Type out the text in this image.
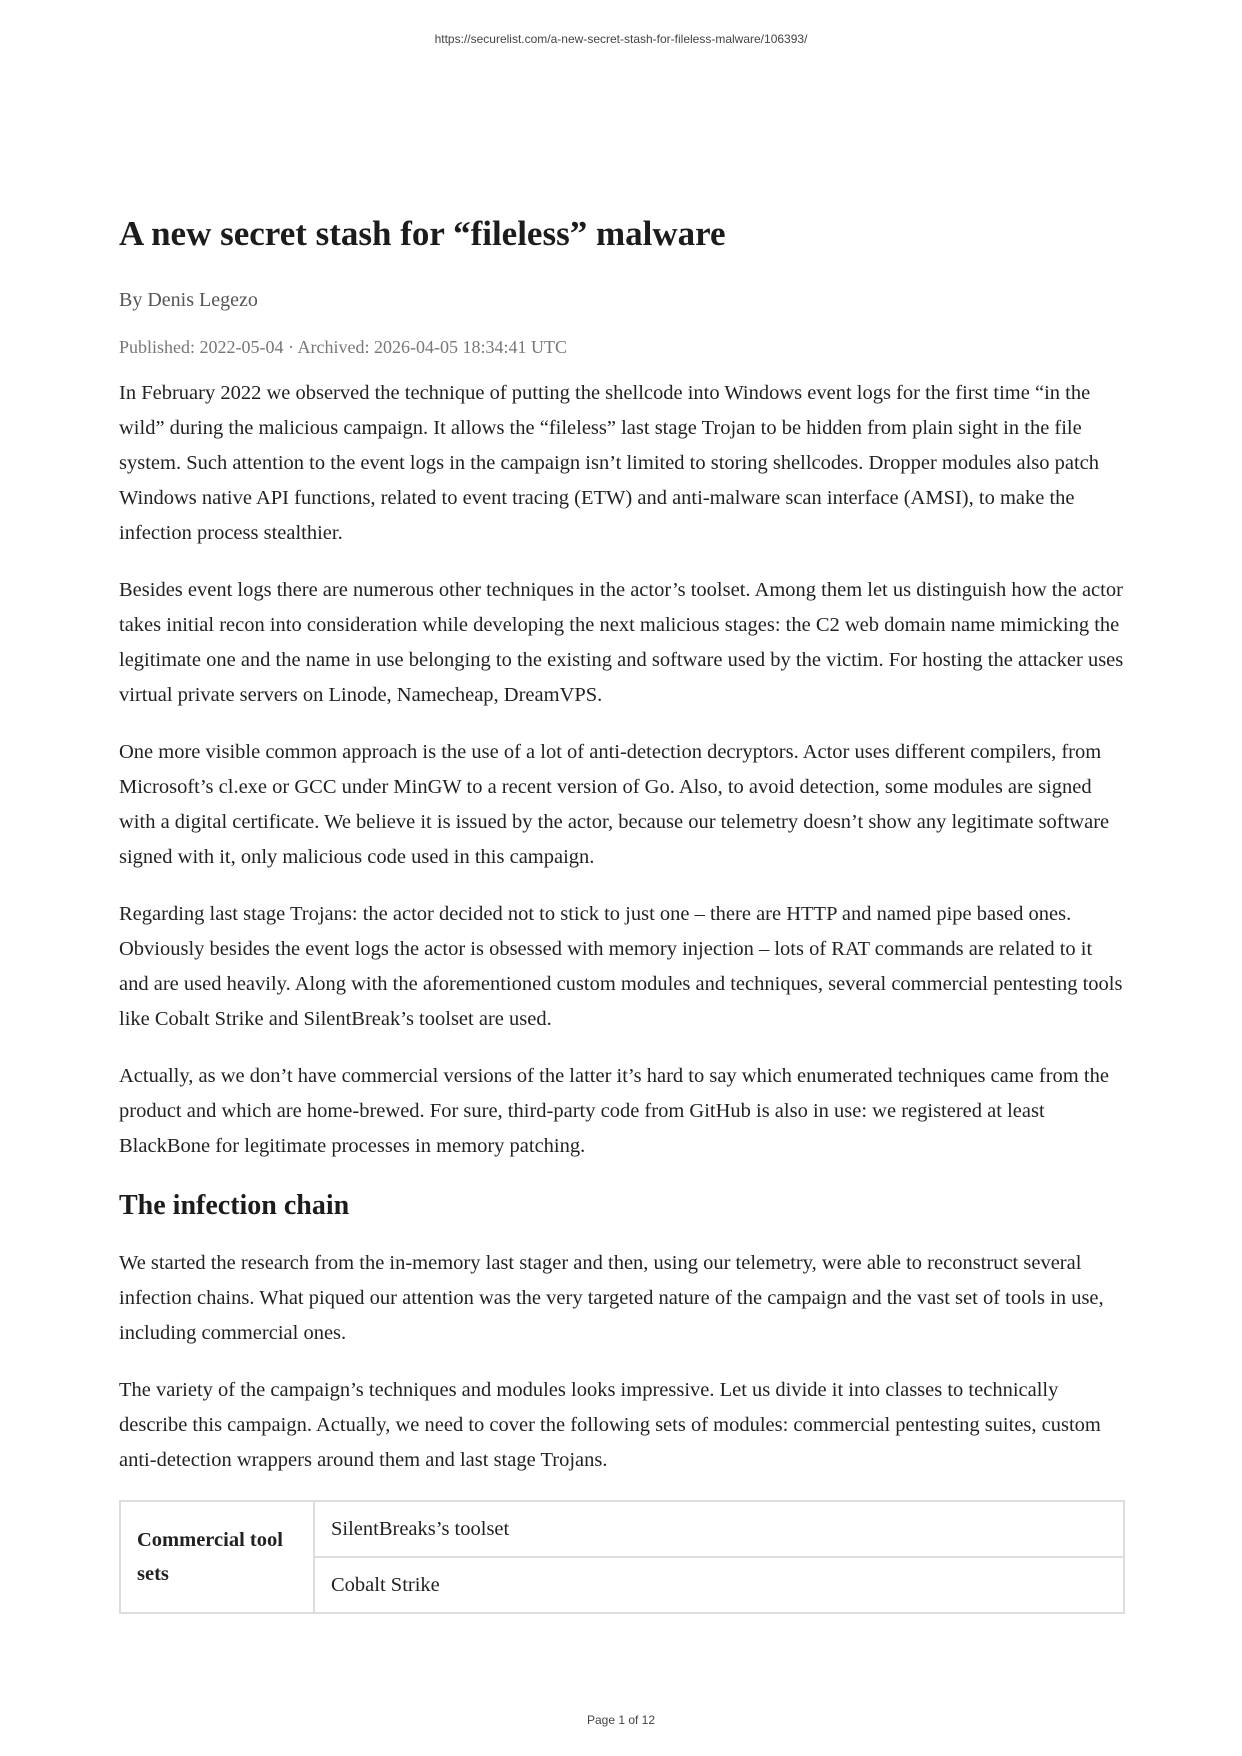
https://securelist.com/a-new-secret-stash-for-fileless-malware/106393/
A new secret stash for “fileless” malware
By Denis Legezo
Published: 2022-05-04 · Archived: 2026-04-05 18:34:41 UTC

In February 2022 we observed the technique of putting the shellcode into Windows event logs for the first time “in the wild” during the malicious campaign. It allows the “fileless” last stage Trojan to be hidden from plain sight in the file system. Such attention to the event logs in the campaign isn’t limited to storing shellcodes. Dropper modules also patch Windows native API functions, related to event tracing (ETW) and anti-malware scan interface (AMSI), to make the infection process stealthier.

Besides event logs there are numerous other techniques in the actor’s toolset. Among them let us distinguish how the actor takes initial recon into consideration while developing the next malicious stages: the C2 web domain name mimicking the legitimate one and the name in use belonging to the existing and software used by the victim. For hosting the attacker uses virtual private servers on Linode, Namecheap, DreamVPS.

One more visible common approach is the use of a lot of anti-detection decryptors. Actor uses different compilers, from Microsoft’s cl.exe or GCC under MinGW to a recent version of Go. Also, to avoid detection, some modules are signed with a digital certificate. We believe it is issued by the actor, because our telemetry doesn’t show any legitimate software signed with it, only malicious code used in this campaign.

Regarding last stage Trojans: the actor decided not to stick to just one – there are HTTP and named pipe based ones. Obviously besides the event logs the actor is obsessed with memory injection – lots of RAT commands are related to it and are used heavily. Along with the aforementioned custom modules and techniques, several commercial pentesting tools like Cobalt Strike and SilentBreak’s toolset are used.

Actually, as we don’t have commercial versions of the latter it’s hard to say which enumerated techniques came from the product and which are home-brewed. For sure, third-party code from GitHub is also in use: we registered at least BlackBone for legitimate processes in memory patching.

The infection chain

We started the research from the in-memory last stager and then, using our telemetry, were able to reconstruct several infection chains. What piqued our attention was the very targeted nature of the campaign and the vast set of tools in use, including commercial ones.

The variety of the campaign’s techniques and modules looks impressive. Let us divide it into classes to technically describe this campaign. Actually, we need to cover the following sets of modules: commercial pentesting suites, custom anti-detection wrappers around them and last stage Trojans.

Commercial tool sets	SilentBreaks’s toolset
Cobalt Strike
Page 1 of 12
